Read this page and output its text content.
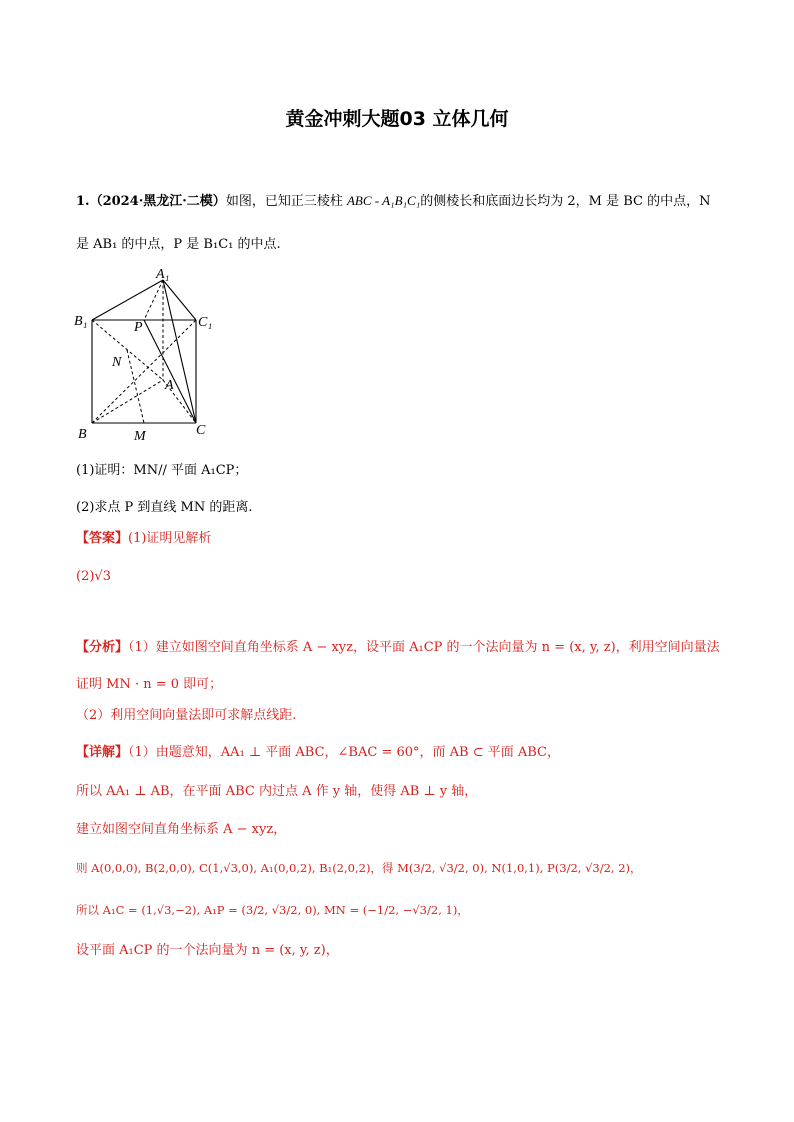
黄金冲刺大题03 立体几何
1.（2024·黑龙江·二模）如图，已知正三棱柱 ABC - A₁B₁C₁的侧棱长和底面边长均为 2，M 是 BC 的中点，N
是 AB₁ 的中点，P 是 B₁C₁ 的中点.
A₁
B₁	C₁
P
N
A
B	M	C
(1)证明：MN// 平面 A₁CP；
(2)求点 P 到直线 MN 的距离.
【答案】(1)证明见解析
(2)√3
【分析】（1）建立如图空间直角坐标系 A − xyz，设平面 A₁CP 的一个法向量为 n = (x, y, z)，利用空间向量法
证明 MN · n = 0 即可；
（2）利用空间向量法即可求解点线距.
【详解】（1）由题意知，AA₁ ⊥ 平面 ABC，∠BAC = 60°，而 AB ⊂ 平面 ABC，
所以 AA₁ ⊥ AB，在平面 ABC 内过点 A 作 y 轴，使得 AB ⊥ y 轴，
建立如图空间直角坐标系 A − xyz，
则 A(0,0,0), B(2,0,0), C(1,√3,0), A₁(0,0,2), B₁(2,0,2)，得 M(3/2, √3/2, 0), N(1,0,1), P(3/2, √3/2, 2)，
所以 A₁C = (1,√3,−2), A₁P = (3/2, √3/2, 0), MN = (−1/2, −√3/2, 1)，
设平面 A₁CP 的一个法向量为 n = (x, y, z)，
